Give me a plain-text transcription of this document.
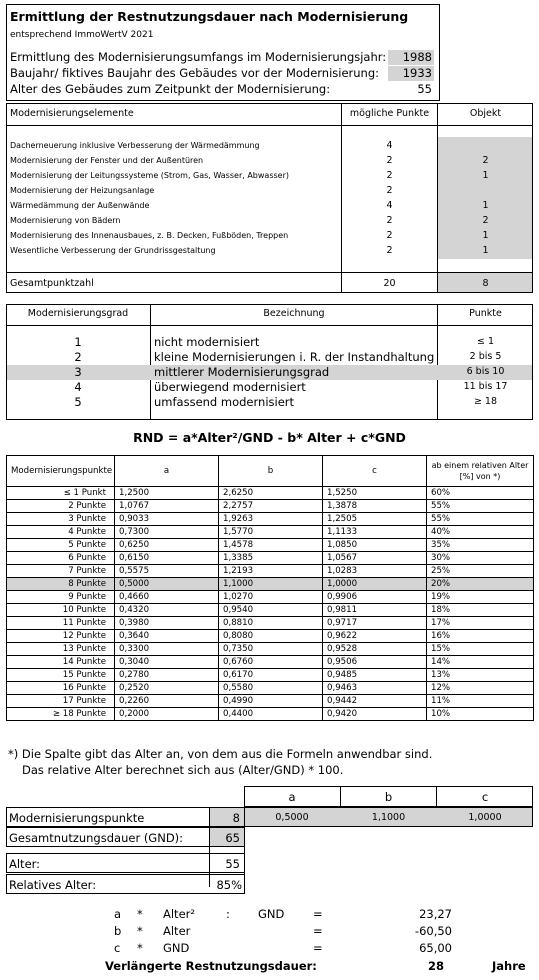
Ermittlung der Restnutzungsdauer nach Modernisierung
entsprechend ImmoWertV 2021
Ermittlung des Modernisierungsumfangs im Modernisierungsjahr:	1988
Baujahr/ fiktives Baujahr des Gebäudes vor der Modernisierung:	1933
Alter des Gebäudes zum Zeitpunkt der Modernisierung:	55
Modernisierungselemente	mögliche Punkte	Objekt
Dacherneuerung inklusive Verbesserung der Wärmedämmung	4
Modernisierung der Fenster und der Außentüren	2	2
Modernisierung der Leitungssysteme (Strom, Gas, Wasser, Abwasser)	2	1
Modernisierung der Heizungsanlage	2
Wärmedämmung der Außenwände	4	1
Modernisierung von Bädern	2	2
Modernisierung des Innenausbaues, z. B. Decken, Fußböden, Treppen	2	1
Wesentliche Verbesserung der Grundrissgestaltung	2	1
Gesamtpunktzahl	20	8
Modernisierungsgrad	Bezeichnung	Punkte
1	nicht modernisiert	≤ 1
2	kleine Modernisierungen i. R. der Instandhaltung	2 bis 5
3	mittlerer Modernisierungsgrad	6 bis 10
4	überwiegend modernisiert	11 bis 17
5	umfassend modernisiert	≥ 18
RND = a*Alter²/GND - b* Alter + c*GND
Modernisierungspunkte	a	b	c	ab einem relativen Alter [%] von *)
≤ 1 Punkt	1,2500	2,6250	1,5250	60%
2 Punkte	1,0767	2,2757	1,3878	55%
3 Punkte	0,9033	1,9263	1,2505	55%
4 Punkte	0,7300	1,5770	1,1133	40%
5 Punkte	0,6250	1,4578	1,0850	35%
6 Punkte	0,6150	1,3385	1,0567	30%
7 Punkte	0,5575	1,2193	1,0283	25%
8 Punkte	0,5000	1,1000	1,0000	20%
9 Punkte	0,4660	1,0270	0,9906	19%
10 Punkte	0,4320	0,9540	0,9811	18%
11 Punkte	0,3980	0,8810	0,9717	17%
12 Punkte	0,3640	0,8080	0,9622	16%
13 Punkte	0,3300	0,7350	0,9528	15%
14 Punkte	0,3040	0,6760	0,9506	14%
15 Punkte	0,2780	0,6170	0,9485	13%
16 Punkte	0,2520	0,5580	0,9463	12%
17 Punkte	0,2260	0,4990	0,9442	11%
≥ 18 Punkte	0,2000	0,4400	0,9420	10%
*) Die Spalte gibt das Alter an, von dem aus die Formeln anwendbar sind.
Das relative Alter berechnet sich aus (Alter/GND) * 100.
a	b	c
Modernisierungspunkte	8	0,5000	1,1000	1,0000
Gesamtnutzungsdauer (GND):	65
Alter:	55
Relatives Alter:	85%
a * Alter²	: GND =	23,27
b * Alter	=	-60,50
c * GND	=	65,00
Verlängerte Restnutzungsdauer:	28	Jahre
